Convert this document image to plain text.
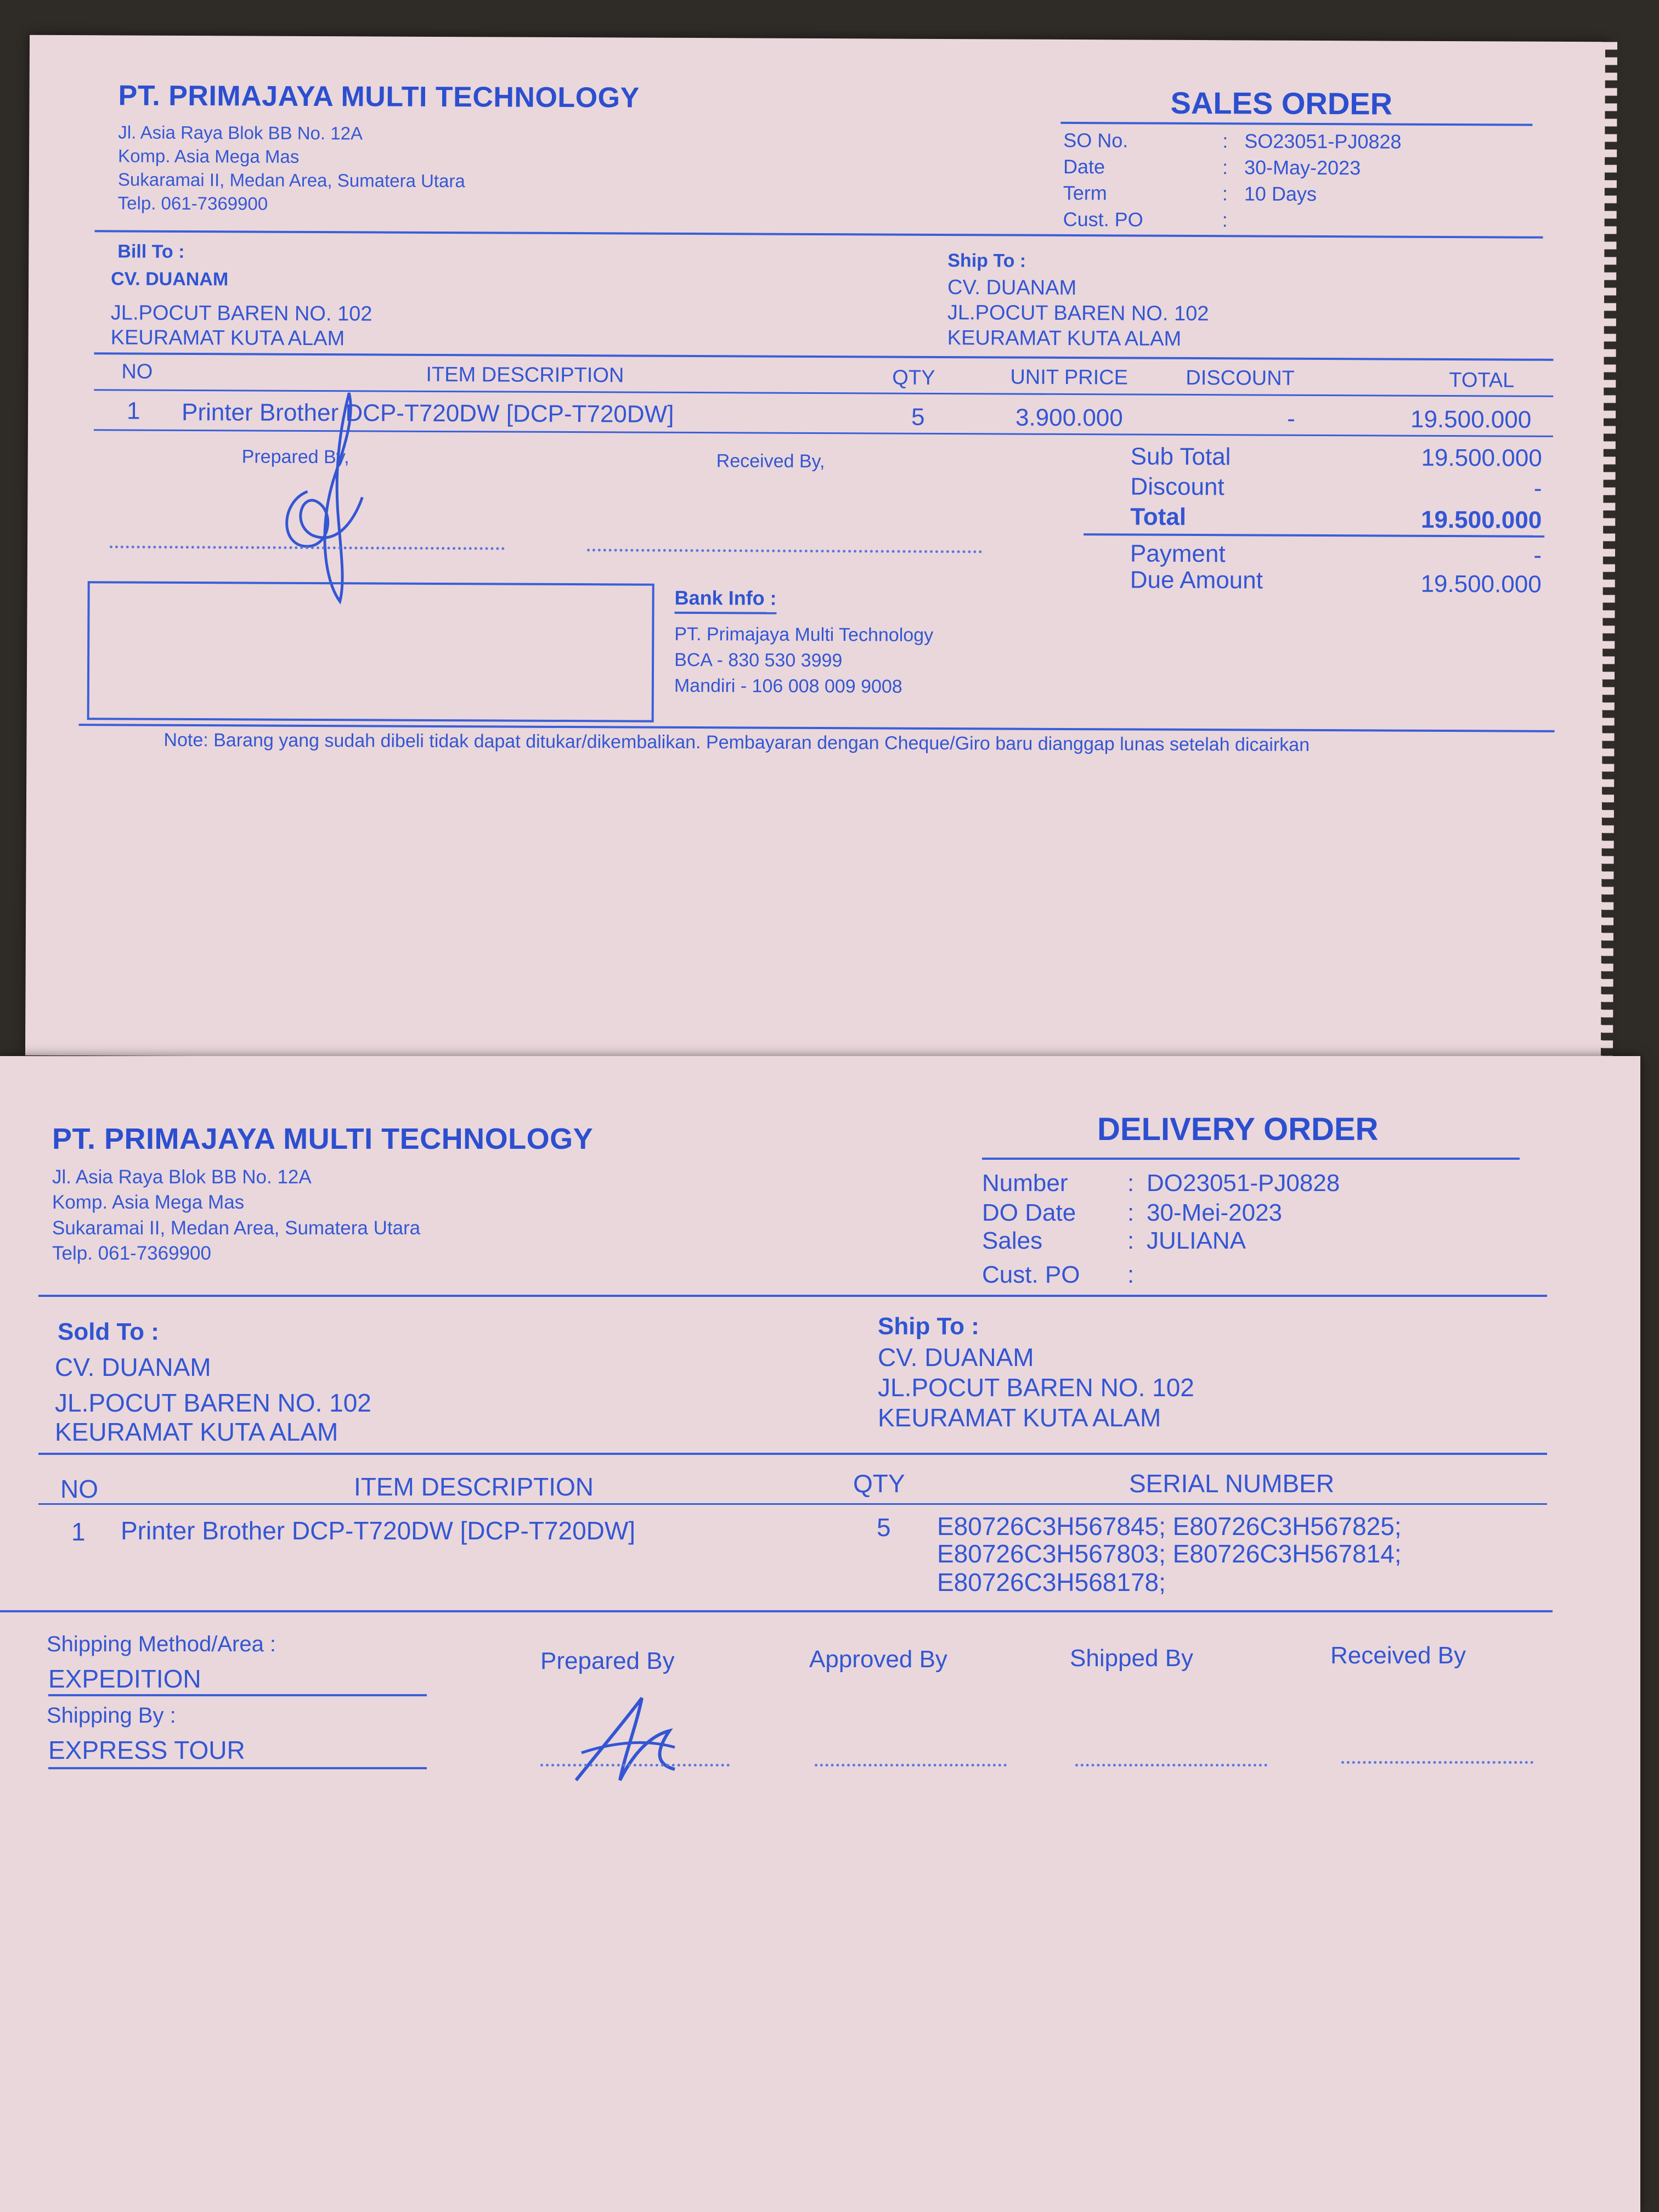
PT. PRIMAJAYA MULTI TECHNOLOGY
Jl. Asia Raya Blok BB No. 12A
Komp. Asia Mega Mas
Sukaramai II, Medan Area, Sumatera Utara
Telp. 061-7369900
SALES ORDER
SO No.	: SO23051-PJ0828
Date	: 30-May-2023
Term	: 10 Days
Cust. PO	:
Bill To :
CV. DUANAM
JL.POCUT BAREN NO. 102
KEURAMAT KUTA ALAM
Ship To :
CV. DUANAM
JL.POCUT BAREN NO. 102
KEURAMAT KUTA ALAM
NO	ITEM DESCRIPTION	QTY	UNIT PRICE	DISCOUNT	TOTAL
1 Printer Brother DCP-T720DW [DCP-T720DW]	5	3.900.000	-	19.500.000
Prepared By,	Received By,	Sub Total	19.500.000
Discount	-
Total	19.500.000
Payment	-
Due Amount	19.500.000
Bank Info :
PT. Primajaya Multi Technology
BCA - 830 530 3999
Mandiri - 106 008 009 9008
Note: Barang yang sudah dibeli tidak dapat ditukar/dikembalikan. Pembayaran dengan Cheque/Giro baru dianggap lunas setelah dicairkan
PT. PRIMAJAYA MULTI TECHNOLOGY
Jl. Asia Raya Blok BB No. 12A
Komp. Asia Mega Mas
Sukaramai II, Medan Area, Sumatera Utara
Telp. 061-7369900
DELIVERY ORDER
Number : DO23051-PJ0828
DO Date : 30-Mei-2023
Sales	: JULIANA
Cust. PO :
Sold To :
CV. DUANAM
JL.POCUT BAREN NO. 102
KEURAMAT KUTA ALAM
Ship To :
CV. DUANAM
JL.POCUT BAREN NO. 102
KEURAMAT KUTA ALAM
NO	ITEM DESCRIPTION	QTY	SERIAL NUMBER
1 Printer Brother DCP-T720DW [DCP-T720DW]	5 E80726C3H567845; E80726C3H567825;
E80726C3H567803; E80726C3H567814;
E80726C3H568178;
Shipping Method/Area :
EXPEDITION
Shipping By :
EXPRESS TOUR
Prepared By	Approved By	Shipped By	Received By
